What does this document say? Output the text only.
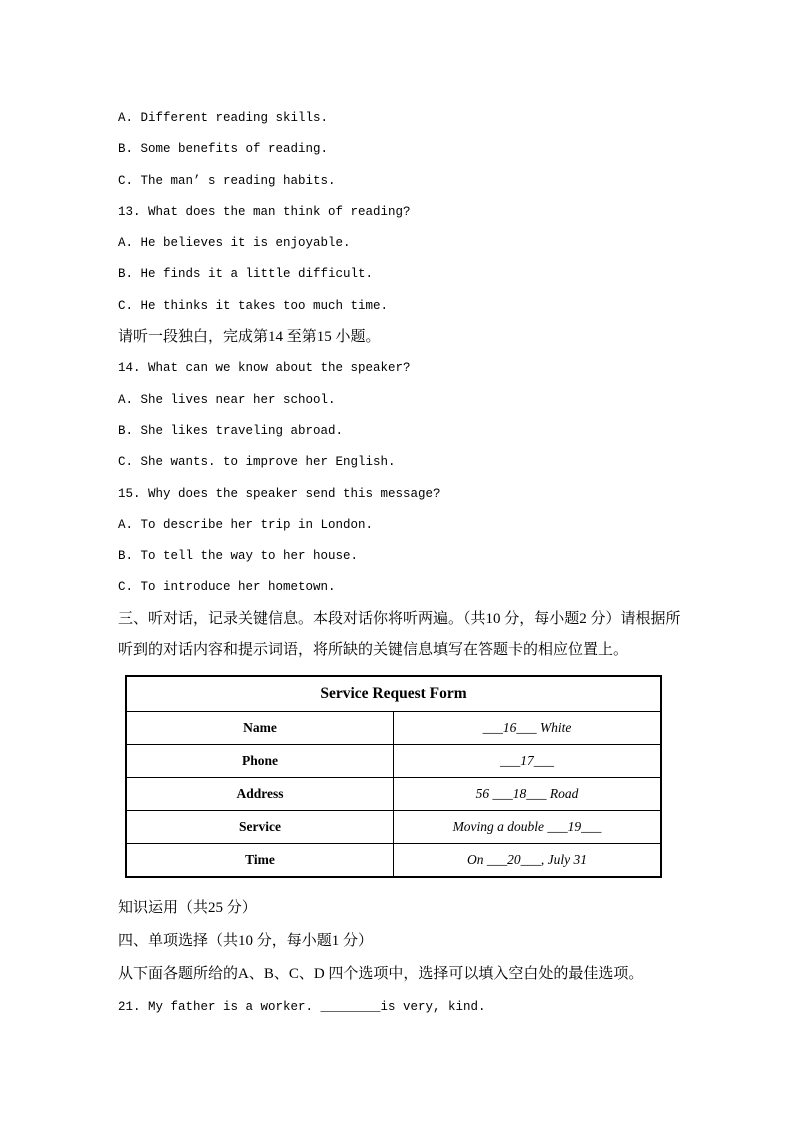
A. Different reading skills.
B. Some benefits of reading.
C. The man’ s reading habits.
13. What does the man think of reading?
A. He believes it is enjoyable.
B. He finds it a little difficult.
C. He thinks it takes too much time.
请听一段独白，完成第14 至第15 小题。
14. What can we know about the speaker?
A. She lives near her school.
B. She likes traveling abroad.
C. She wants. to improve her English.
15. Why does the speaker send this message?
A. To describe her trip in London.
B. To tell the way to her house.
C. To introduce her hometown.
三、听对话，记录关键信息。本段对话你将听两遍。（共10 分，每小题2 分）请根据所听到的对话内容和提示词语，将所缺的关键信息填写在答题卡的相应位置上。
Service Request Form	
Name	___16___ White
Phone	___17___
Address	56 ___18___ Road
Service	Moving a double ___19___
Time	On ___20___, July 31
知识运用（共25 分）
四、单项选择（共10 分，每小题1 分）
从下面各题所给的A、B、C、D 四个选项中，选择可以填入空白处的最佳选项。
21. My father is a worker. ________is very, kind.
